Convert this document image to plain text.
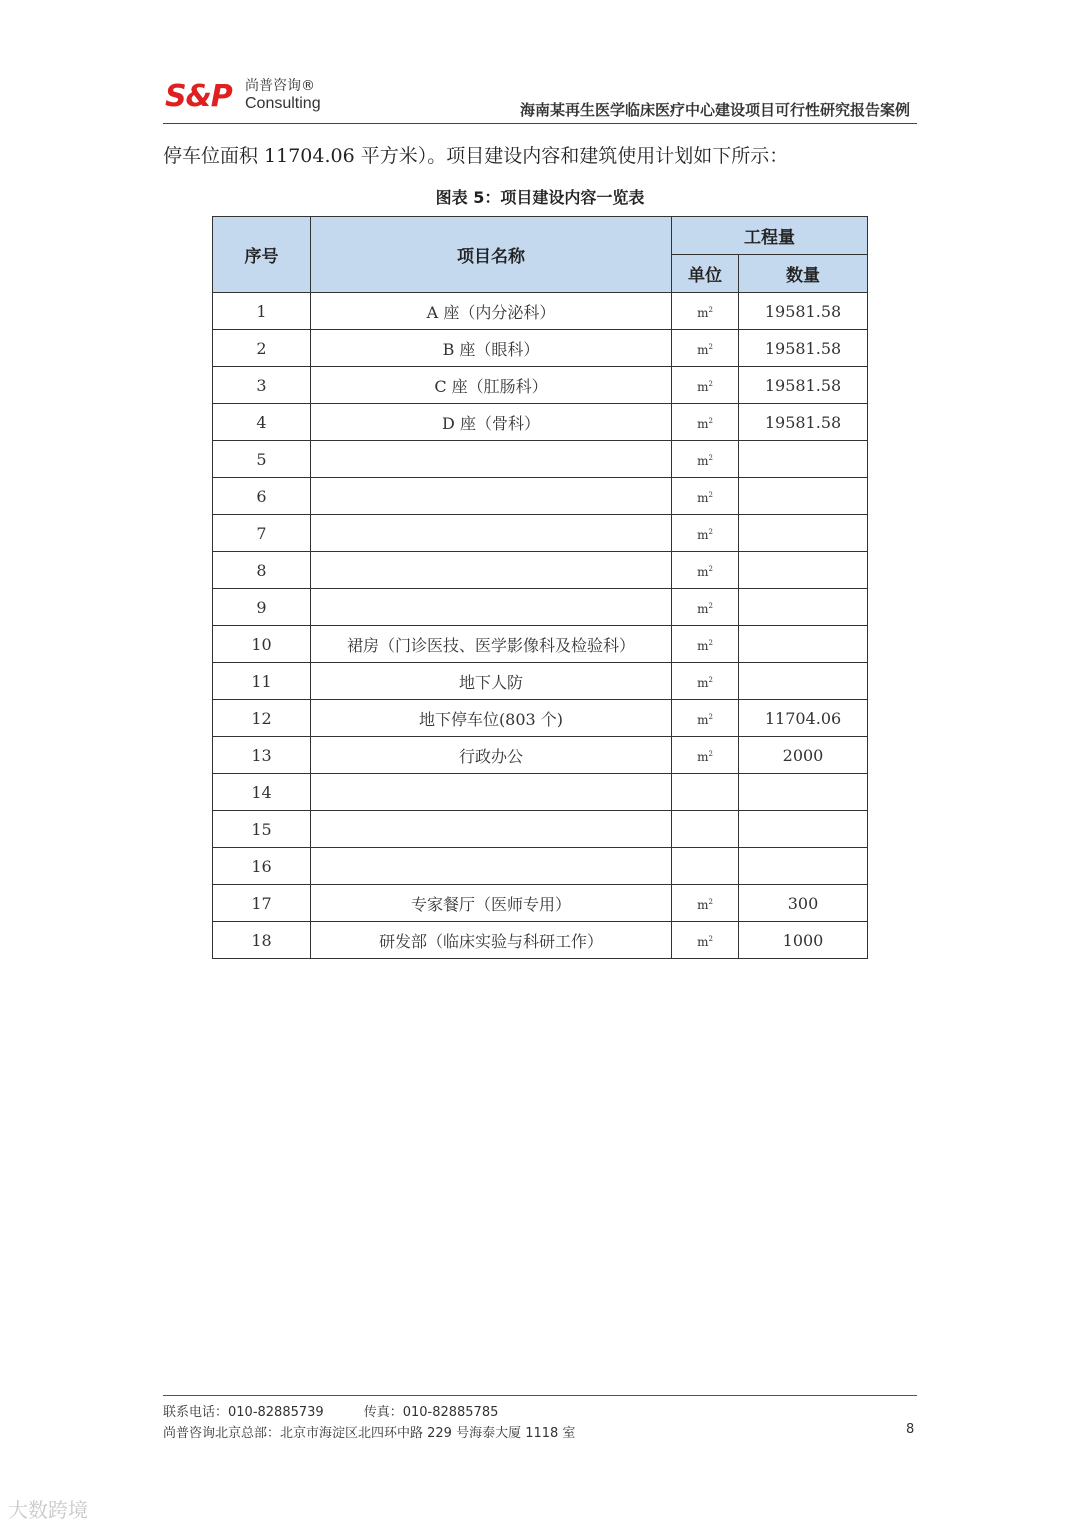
S&P 尚普咨询®
Consulting	海南某再生医学临床医疗中心建设项目可行性研究报告案例
停车位面积 11704.06 平方米）。项目建设内容和建筑使用计划如下所示：
图表 5：项目建设内容一览表
序号	项目名称	工程量	
		单位	数量
1	A 座（内分泌科）	$m^2$	19581.58
2	B 座（眼科）	$m^2$	19581.58
3	C 座（肛肠科）	$m^2$	19581.58
4	D 座（骨科）	$m^2$	19581.58
5		$m^2$	
6		$m^2$	
7		$m^2$	
8		$m^2$	
9		$m^2$	
10	裙房（门诊医技、医学影像科及检验科）	$m^2$	
11	地下人防	$m^2$	
12	地下停车位(803 个)	$m^2$	11704.06
13	行政办公	$m^2$	2000
14			
15			
16			
17	专家餐厅（医师专用）	$m^2$	300
18	研发部（临床实验与科研工作）	$m^2$	1000
联系电话：010-82885739	传真：010-82885785
尚普咨询北京总部：北京市海淀区北四环中路 229 号海泰大厦 1118 室	8
大数跨境
